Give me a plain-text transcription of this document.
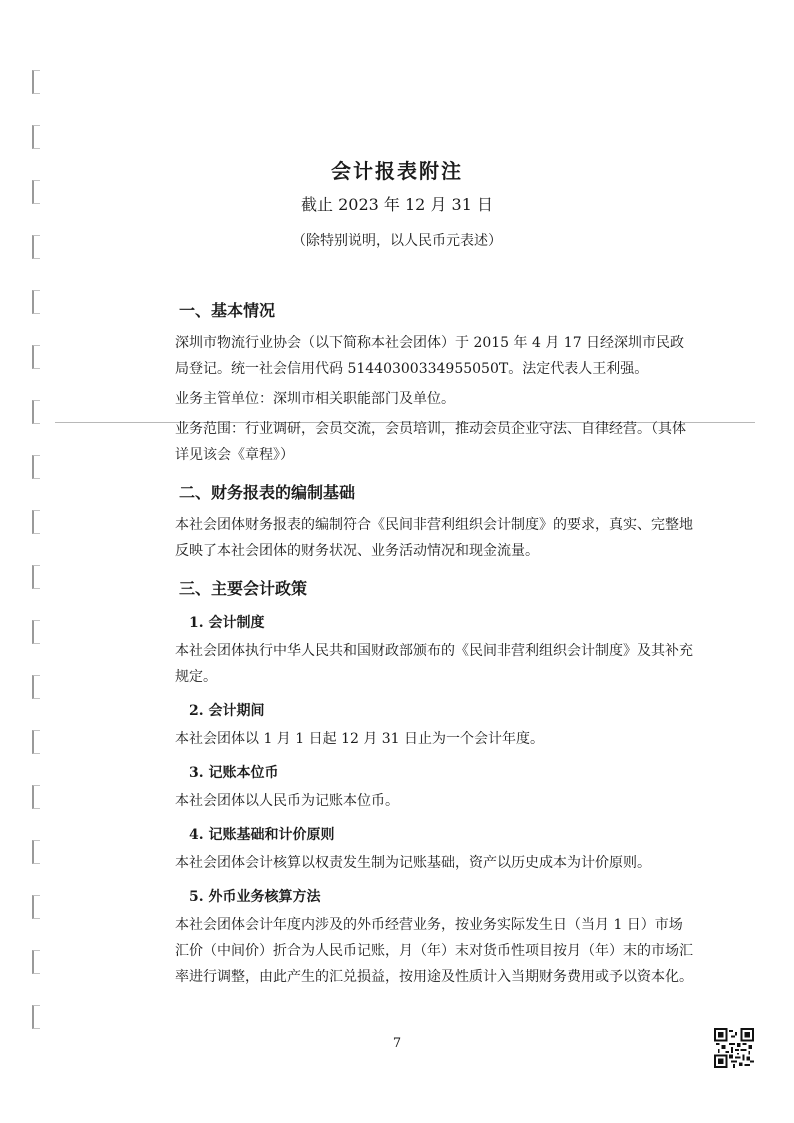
会计报表附注
截止 2023 年 12 月 31 日
（除特别说明，以人民币元表述）
一、基本情况
深圳市物流行业协会（以下简称本社会团体）于 2015 年 4 月 17 日经深圳市民政局登记。统一社会信用代码 51440300334955050T。法定代表人王利强。
业务主管单位：深圳市相关职能部门及单位。
业务范围：行业调研，会员交流，会员培训，推动会员企业守法、自律经营。（具体详见该会《章程》）
二、财务报表的编制基础
本社会团体财务报表的编制符合《民间非营利组织会计制度》的要求，真实、完整地反映了本社会团体的财务状况、业务活动情况和现金流量。
三、主要会计政策
1. 会计制度
本社会团体执行中华人民共和国财政部颁布的《民间非营利组织会计制度》及其补充规定。
2. 会计期间
本社会团体以 1 月 1 日起 12 月 31 日止为一个会计年度。
3. 记账本位币
本社会团体以人民币为记账本位币。
4. 记账基础和计价原则
本社会团体会计核算以权责发生制为记账基础，资产以历史成本为计价原则。
5. 外币业务核算方法
本社会团体会计年度内涉及的外币经营业务，按业务实际发生日（当月 1 日）市场汇价（中间价）折合为人民币记账，月（年）末对货币性项目按月（年）末的市场汇率进行调整，由此产生的汇兑损益，按用途及性质计入当期财务费用或予以资本化。
7
